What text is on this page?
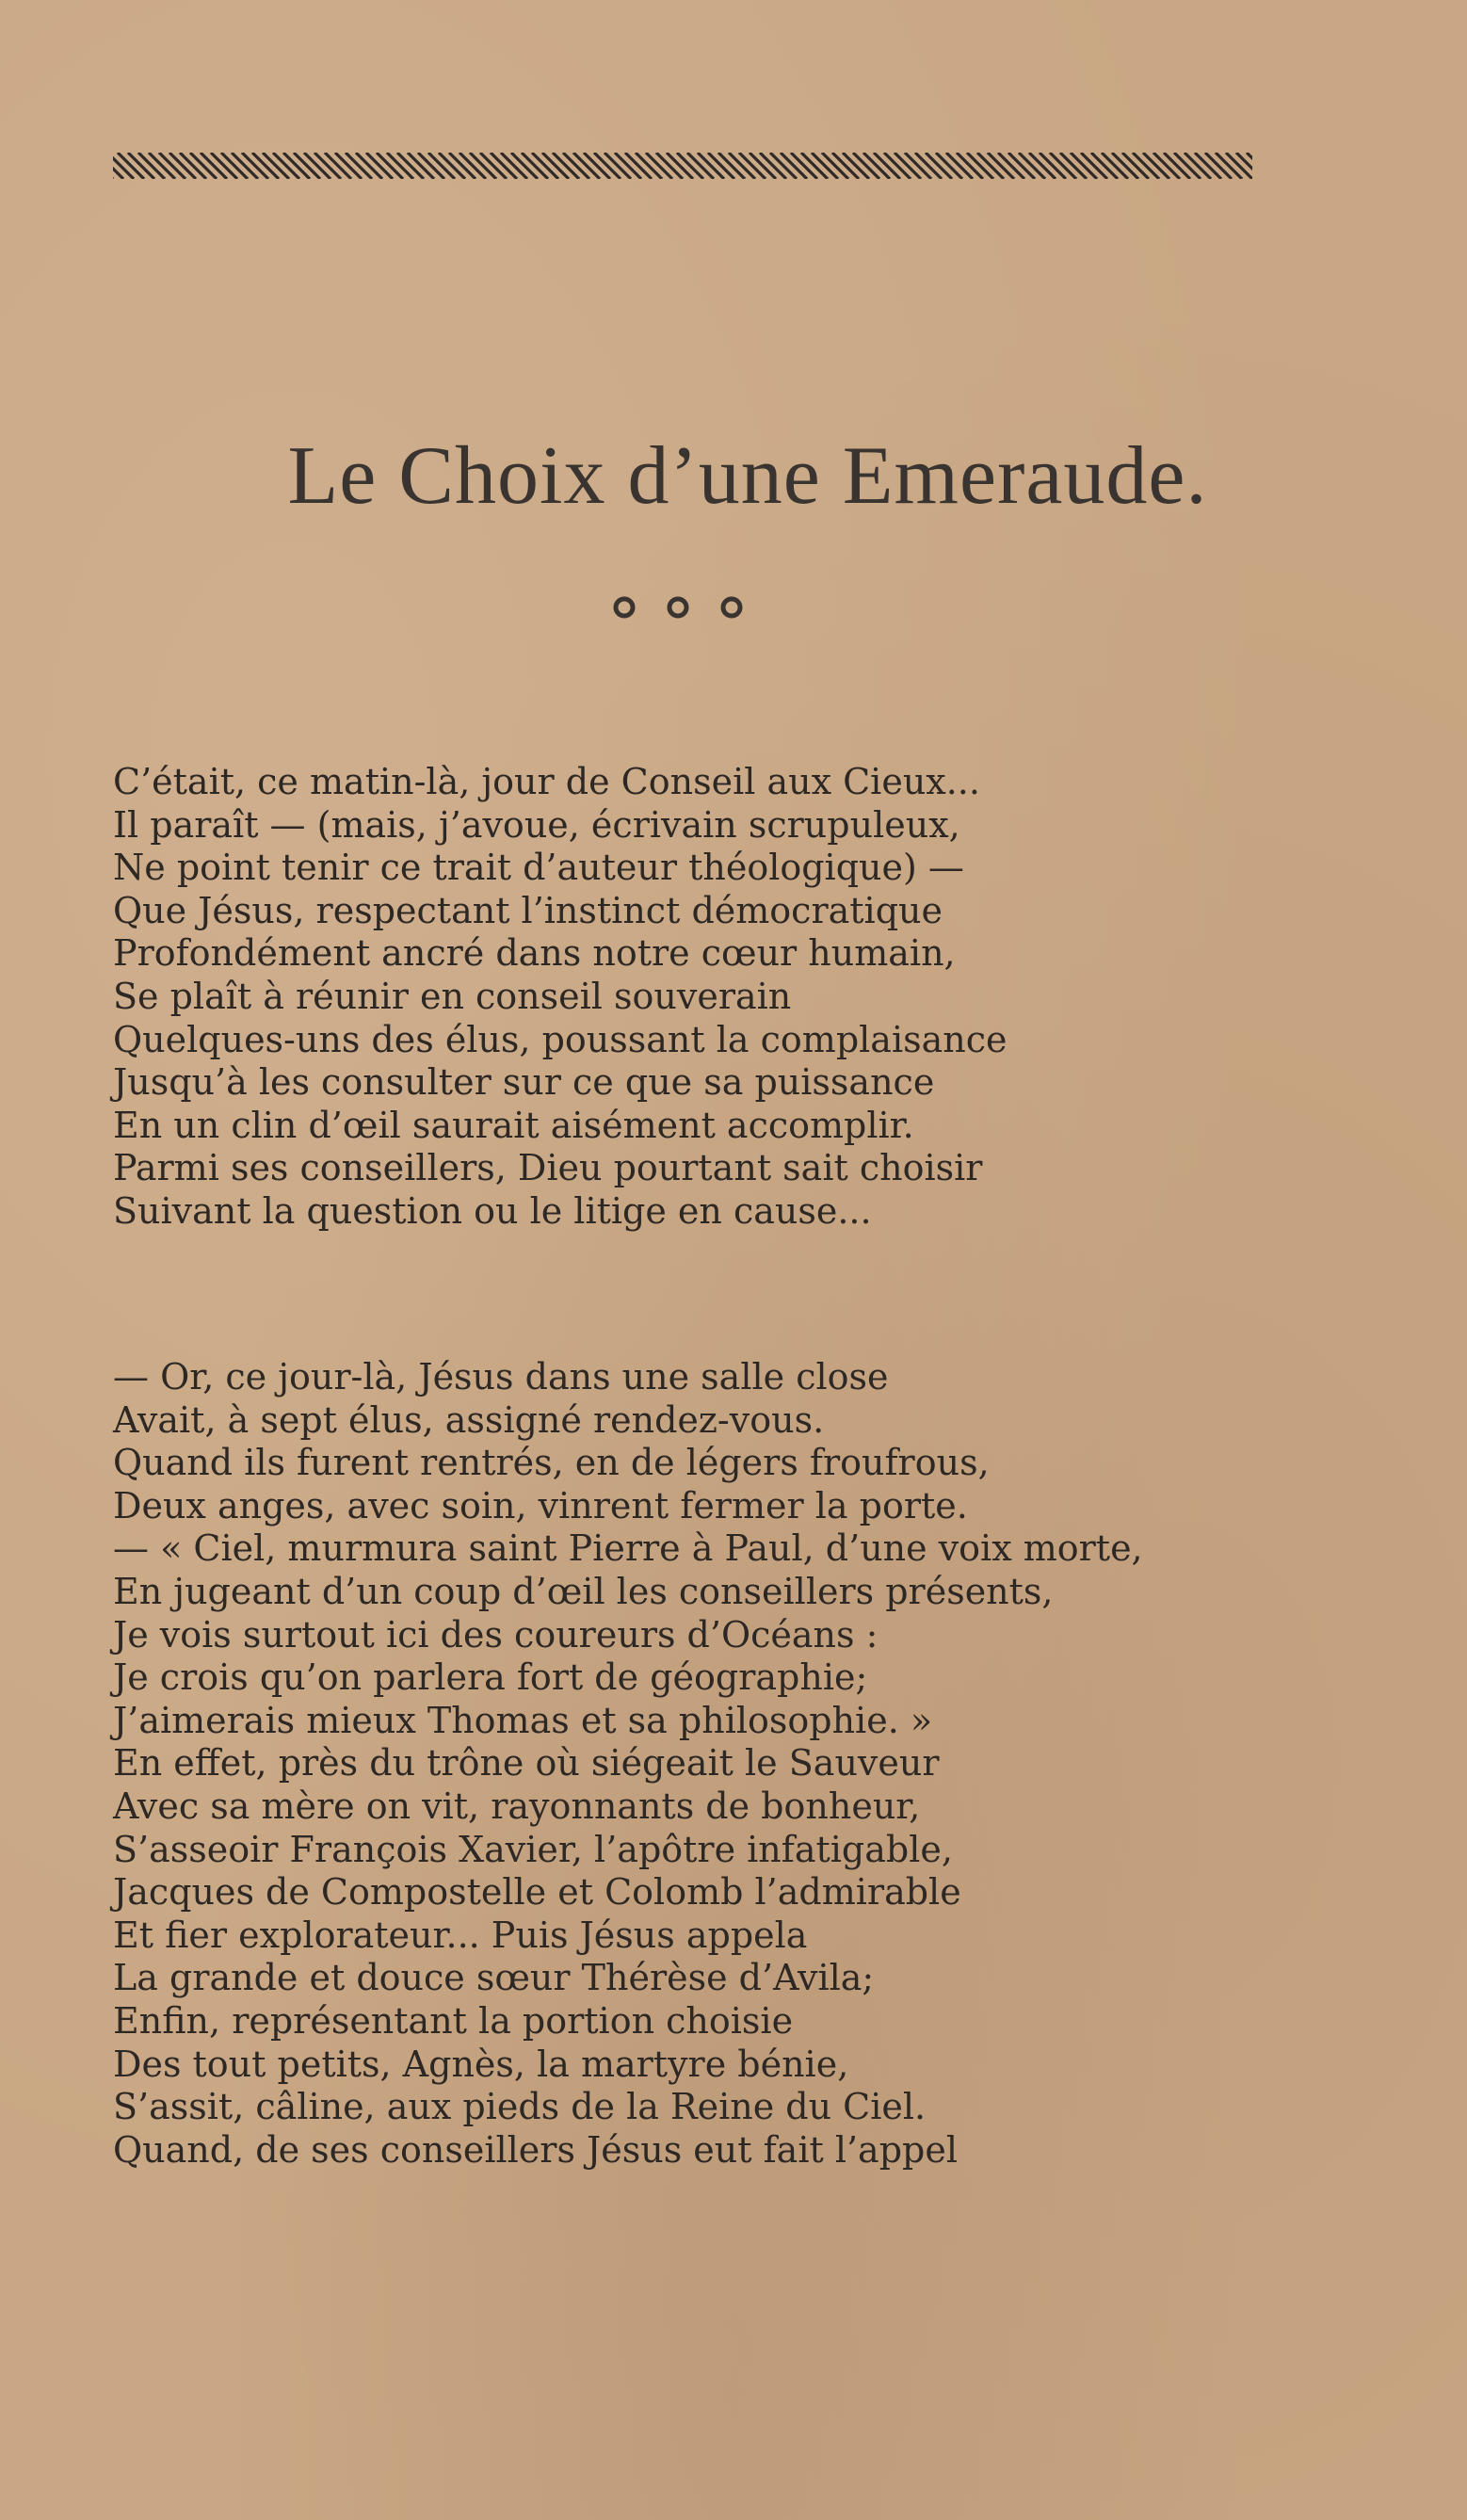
Le Choix d’une Emeraude.
C’était, ce matin-là, jour de Conseil aux Cieux...
Il paraît — (mais, j’avoue, écrivain scrupuleux,
Ne point tenir ce trait d’auteur théologique) —
Que Jésus, respectant l’instinct démocratique
Profondément ancré dans notre cœur humain,
Se plaît à réunir en conseil souverain
Quelques-uns des élus, poussant la complaisance
Jusqu’à les consulter sur ce que sa puissance
En un clin d’œil saurait aisément accomplir.
Parmi ses conseillers, Dieu pourtant sait choisir
Suivant la question ou le litige en cause...
— Or, ce jour-là, Jésus dans une salle close
Avait, à sept élus, assigné rendez-vous.
Quand ils furent rentrés, en de légers froufrous,
Deux anges, avec soin, vinrent fermer la porte.
— « Ciel, murmura saint Pierre à Paul, d’une voix morte,
En jugeant d’un coup d’œil les conseillers présents,
Je vois surtout ici des coureurs d’Océans :
Je crois qu’on parlera fort de géographie;
J’aimerais mieux Thomas et sa philosophie. »
En effet, près du trône où siégeait le Sauveur
Avec sa mère on vit, rayonnants de bonheur,
S’asseoir François Xavier, l’apôtre infatigable,
Jacques de Compostelle et Colomb l’admirable
Et fier explorateur... Puis Jésus appela
La grande et douce sœur Thérèse d’Avila;
Enfin, représentant la portion choisie
Des tout petits, Agnès, la martyre bénie,
S’assit, câline, aux pieds de la Reine du Ciel.
Quand, de ses conseillers Jésus eut fait l’appel
